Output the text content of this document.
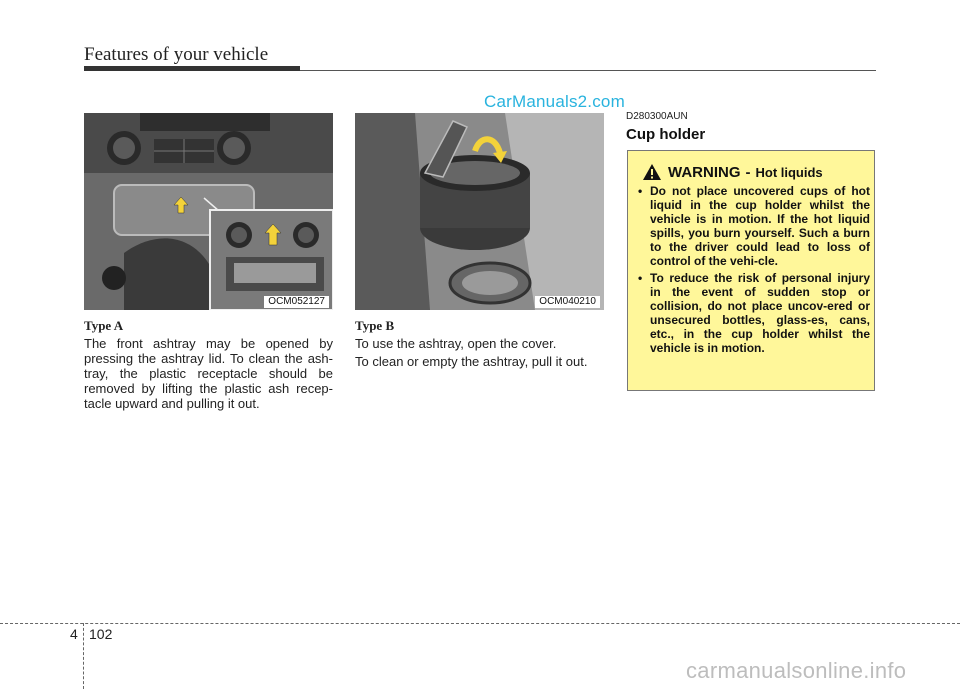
Features of your vehicle
CarManuals2.com
OCM052127	OCM040210
Type A

The front ashtray may be opened by pressing the ashtray lid. To clean the ash-tray, the plastic receptacle should be removed by lifting the plastic ash recep-tacle upward and pulling it out.

Type B

To use the ashtray, open the cover.

To clean or empty the ashtray, pull it out.

D280300AUN
Cup holder
WARNING - Hot liquids
• Do not place uncovered cups of hot liquid in the cup holder whilst the vehicle is in motion. If the hot liquid spills, you burn yourself. Such a burn to the driver could lead to loss of control of the vehi-cle.
• To reduce the risk of personal injury in the event of sudden stop or collision, do not place uncov-ered or unsecured bottles, glass-es, cans, etc., in the cup holder whilst the vehicle is in motion.
4 102
carmanualsonline.info
